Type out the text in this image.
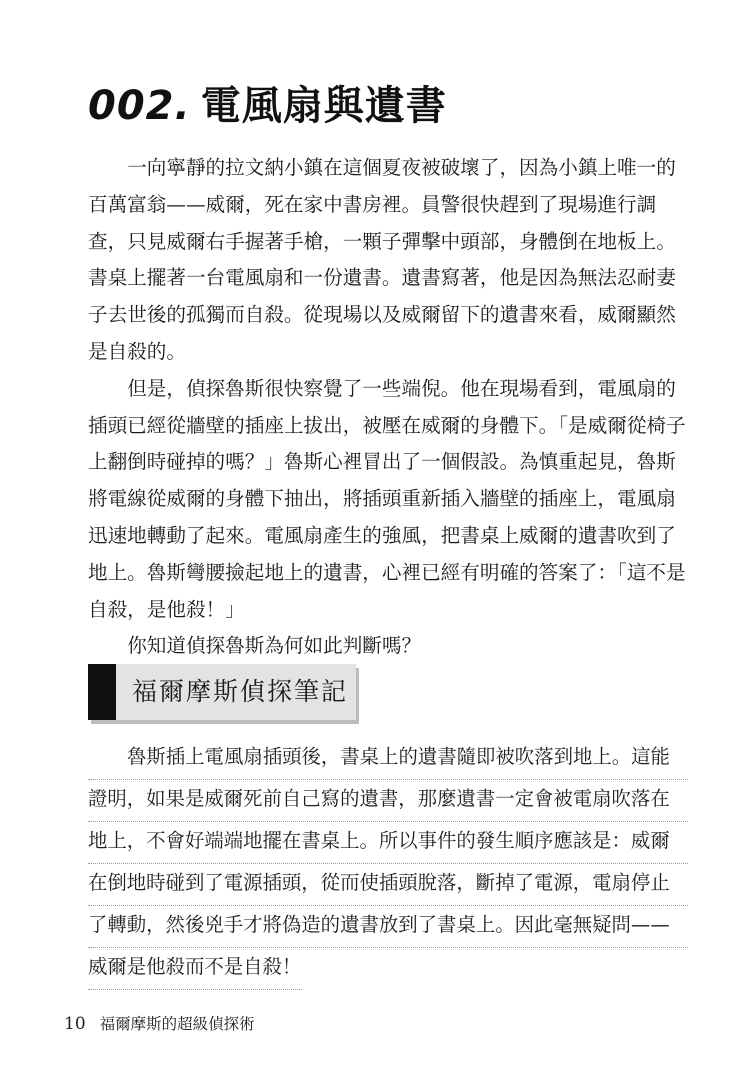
002. 電風扇與遺書

一向寧靜的拉文納小鎮在這個夏夜被破壞了，因為小鎮上唯一的百萬富翁——威爾，死在家中書房裡。員警很快趕到了現場進行調查，只見威爾右手握著手槍，一顆子彈擊中頭部，身體倒在地板上。書桌上擺著一台電風扇和一份遺書。遺書寫著，他是因為無法忍耐妻子去世後的孤獨而自殺。從現場以及威爾留下的遺書來看，威爾顯然是自殺的。

但是，偵探魯斯很快察覺了一些端倪。他在現場看到，電風扇的插頭已經從牆壁的插座上拔出，被壓在威爾的身體下。「是威爾從椅子上翻倒時碰掉的嗎？」魯斯心裡冒出了一個假設。為慎重起見，魯斯將電線從威爾的身體下抽出，將插頭重新插入牆壁的插座上，電風扇迅速地轉動了起來。電風扇產生的強風，把書桌上威爾的遺書吹到了地上。魯斯彎腰撿起地上的遺書，心裡已經有明確的答案了：「這不是自殺，是他殺！」

你知道偵探魯斯為何如此判斷嗎？

福爾摩斯偵探筆記
魯斯插上電風扇插頭後，書桌上的遺書隨即被吹落到地上。這能
證明，如果是威爾死前自己寫的遺書，那麼遺書一定會被電扇吹落在
地上，不會好端端地擺在書桌上。所以事件的發生順序應該是：威爾
在倒地時碰到了電源插頭，從而使插頭脫落，斷掉了電源，電扇停止
了轉動，然後兇手才將偽造的遺書放到了書桌上。因此毫無疑問——
威爾是他殺而不是自殺！
10 福爾摩斯的超級偵探術
